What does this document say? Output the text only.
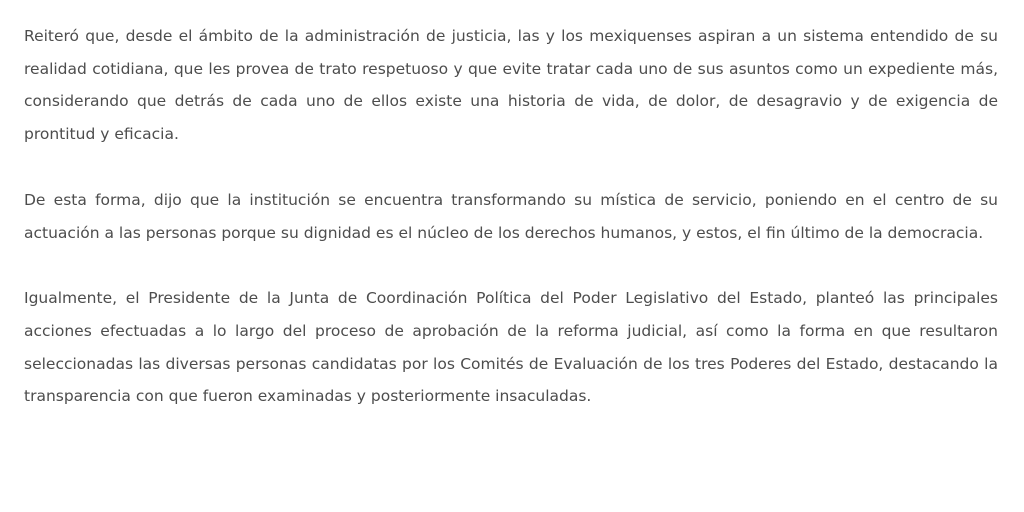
Reiteró que, desde el ámbito de la administración de justicia, las y los mexiquenses aspiran a un sistema entendido de su realidad cotidiana, que les provea de trato respetuoso y que evite tratar cada uno de sus asuntos como un expediente más, considerando que detrás de cada uno de ellos existe una historia de vida, de dolor, de desagravio y de exigencia de prontitud y eficacia.

De esta forma, dijo que la institución se encuentra transformando su mística de servicio, poniendo en el centro de su actuación a las personas porque su dignidad es el núcleo de los derechos humanos, y estos, el fin último de la democracia.

Igualmente, el Presidente de la Junta de Coordinación Política del Poder Legislativo del Estado, planteó las principales acciones efectuadas a lo largo del proceso de aprobación de la reforma judicial, así como la forma en que resultaron seleccionadas las diversas personas candidatas por los Comités de Evaluación de los tres Poderes del Estado, destacando la transparencia con que fueron examinadas y posteriormente insaculadas.
